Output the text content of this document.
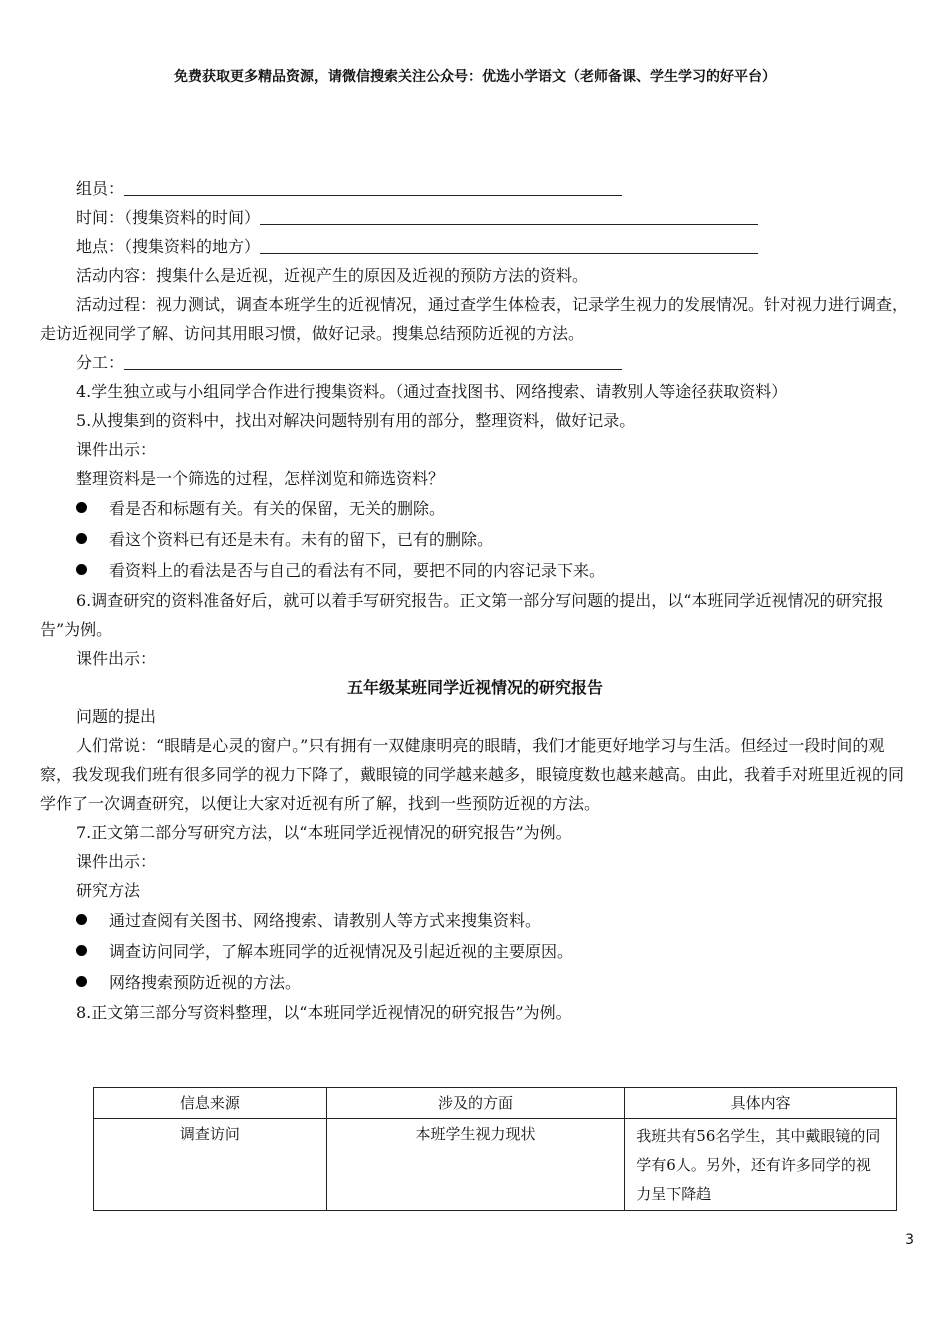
免费获取更多精品资源，请微信搜索关注公众号：优选小学语文（老师备课、学生学习的好平台）
组员：
时间：（搜集资料的时间）
地点：（搜集资料的地方）
活动内容：搜集什么是近视，近视产生的原因及近视的预防方法的资料。
活动过程：视力测试，调查本班学生的近视情况，通过查学生体检表，记录学生视力的发展情况。针对视力进行调查，走访近视同学了解、访问其用眼习惯，做好记录。搜集总结预防近视的方法。
分工：
4.学生独立或与小组同学合作进行搜集资料。（通过查找图书、网络搜索、请教别人等途径获取资料）
5.从搜集到的资料中，找出对解决问题特别有用的部分，整理资料，做好记录。
课件出示：
整理资料是一个筛选的过程，怎样浏览和筛选资料？
看是否和标题有关。有关的保留，无关的删除。
看这个资料已有还是未有。未有的留下，已有的删除。
看资料上的看法是否与自己的看法有不同，要把不同的内容记录下来。
6.调查研究的资料准备好后，就可以着手写研究报告。正文第一部分写问题的提出，以“本班同学近视情况的研究报告”为例。
课件出示：
五年级某班同学近视情况的研究报告
问题的提出
人们常说：“眼睛是心灵的窗户。”只有拥有一双健康明亮的眼睛，我们才能更好地学习与生活。但经过一段时间的观察，我发现我们班有很多同学的视力下降了，戴眼镜的同学越来越多，眼镜度数也越来越高。由此，我着手对班里近视的同学作了一次调查研究，以便让大家对近视有所了解，找到一些预防近视的方法。
7.正文第二部分写研究方法，以“本班同学近视情况的研究报告”为例。
课件出示：
研究方法
通过查阅有关图书、网络搜索、请教别人等方式来搜集资料。
调查访问同学，了解本班同学的近视情况及引起近视的主要原因。
网络搜索预防近视的方法。
8.正文第三部分写资料整理，以“本班同学近视情况的研究报告”为例。
信息来源	涉及的方面	具体内容
调查访问	本班学生视力现状	我班共有56名学生，其中戴眼镜的同学有6人。另外，还有许多同学的视力呈下降趋
3
